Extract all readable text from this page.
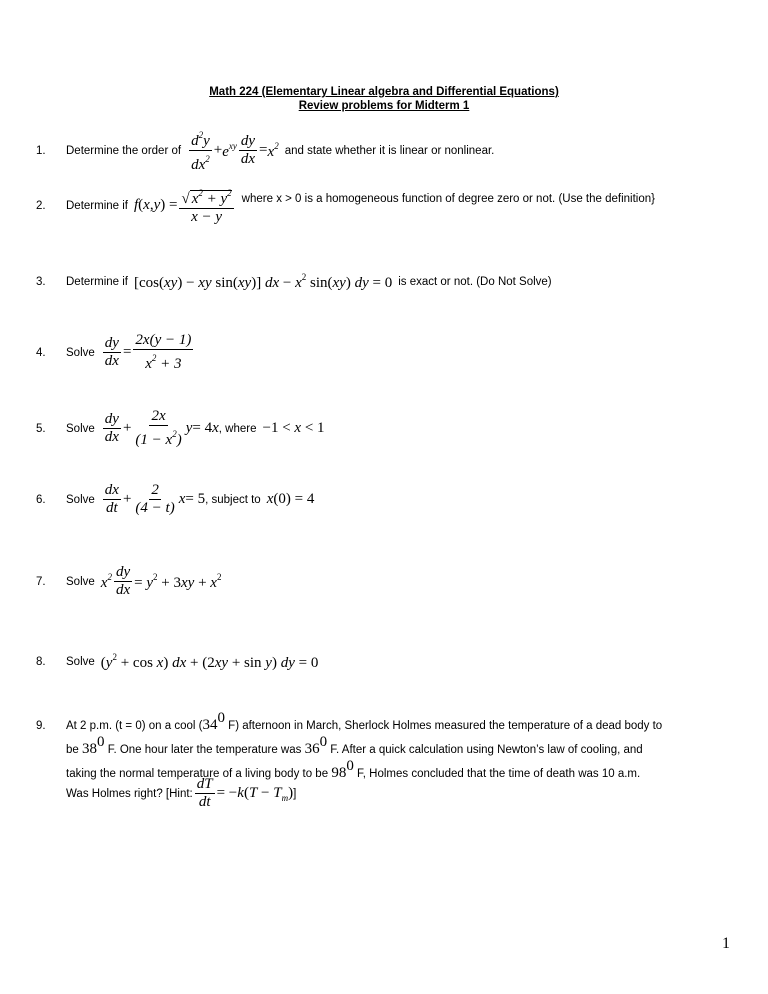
Math 224 (Elementary Linear algebra and Differential Equations)
Review problems for Midterm 1
1.	Determine the order of $\frac{d^2y}{dx^2} + e^{xy} \frac{dy}{dx} = x^2$ and state whether it is linear or nonlinear.
2.	Determine if f ( x , y ) = $\frac{√ x^2 + y^2}{x - y}$ where x > 0 is a homogeneous function of degree zero or not. (Use the definition}
3.	Determine if [cos(xy) − xy sin(xy)] dx − $x^2$ sin(xy) dy = 0 is exact or not. (Do Not Solve)
4.	Solve $\frac{dy}{dx} = \frac{2x(y - 1)}{x^2 + 3}$
5.	Solve $\frac{dy}{dx} + \frac{2x}{(1 - x^2)}$ y = 4 x , where −1 < x < 1
6.	Solve $\frac{dx}{dt} + \frac{2}{(4 - t)}$ x = 5 , subject to x(0) = 4
7.	Solve $x^2 \frac{dy}{dx} = y^2 + 3xy + x^2$
8.	Solve $(y^2 + \cos x)$ dx + (2xy + sin y) dy = 0
9. At 2 p.m. (t = 0) on a cool ($34^0$ F) afternoon in March, Sherlock Holmes measured the temperature of a dead body to
be $38^0$ F. One hour later the temperature was $36^0$ F. After a quick calculation using Newton’s law of cooling, and
taking the normal temperature of a living body to be $98^0$ F, Holmes concluded that the time of death was 10 a.m.
Was Holmes right? [Hint: $\frac{dT}{dt} = -k(T - T_m)$ ]
1
